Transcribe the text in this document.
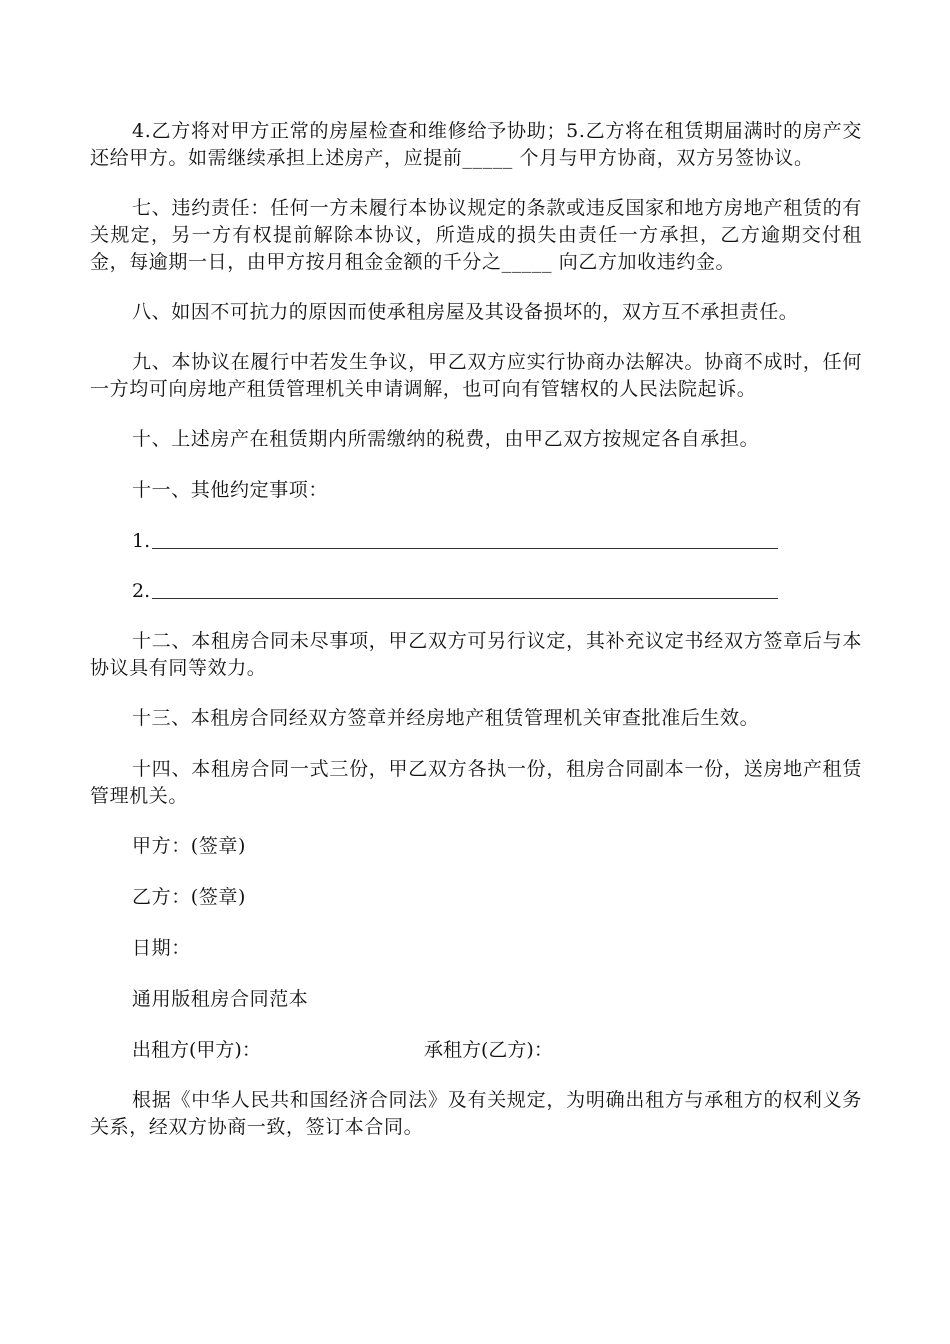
4.乙方将对甲方正常的房屋检查和维修给予协助；5.乙方将在租赁期届满时的房产交还给甲方。如需继续承担上述房产，应提前_____ 个月与甲方协商，双方另签协议。

七、违约责任：任何一方未履行本协议规定的条款或违反国家和地方房地产租赁的有关规定，另一方有权提前解除本协议，所造成的损失由责任一方承担，乙方逾期交付租金，每逾期一日，由甲方按月租金金额的千分之_____ 向乙方加收违约金。

八、如因不可抗力的原因而使承租房屋及其设备损坏的，双方互不承担责任。

九、本协议在履行中若发生争议，甲乙双方应实行协商办法解决。协商不成时，任何一方均可向房地产租赁管理机关申请调解，也可向有管辖权的人民法院起诉。

十、上述房产在租赁期内所需缴纳的税费，由甲乙双方按规定各自承担。

十一、其他约定事项：

1.
2.

十二、本租房合同未尽事项，甲乙双方可另行议定，其补充议定书经双方签章后与本协议具有同等效力。

十三、本租房合同经双方签章并经房地产租赁管理机关审查批准后生效。

十四、本租房合同一式三份，甲乙双方各执一份，租房合同副本一份，送房地产租赁管理机关。

甲方：(签章)

乙方：(签章)

日期：

通用版租房合同范本

出租方(甲方)：	承租方(乙方)：

根据《中华人民共和国经济合同法》及有关规定，为明确出租方与承租方的权利义务关系，经双方协商一致，签订本合同。
